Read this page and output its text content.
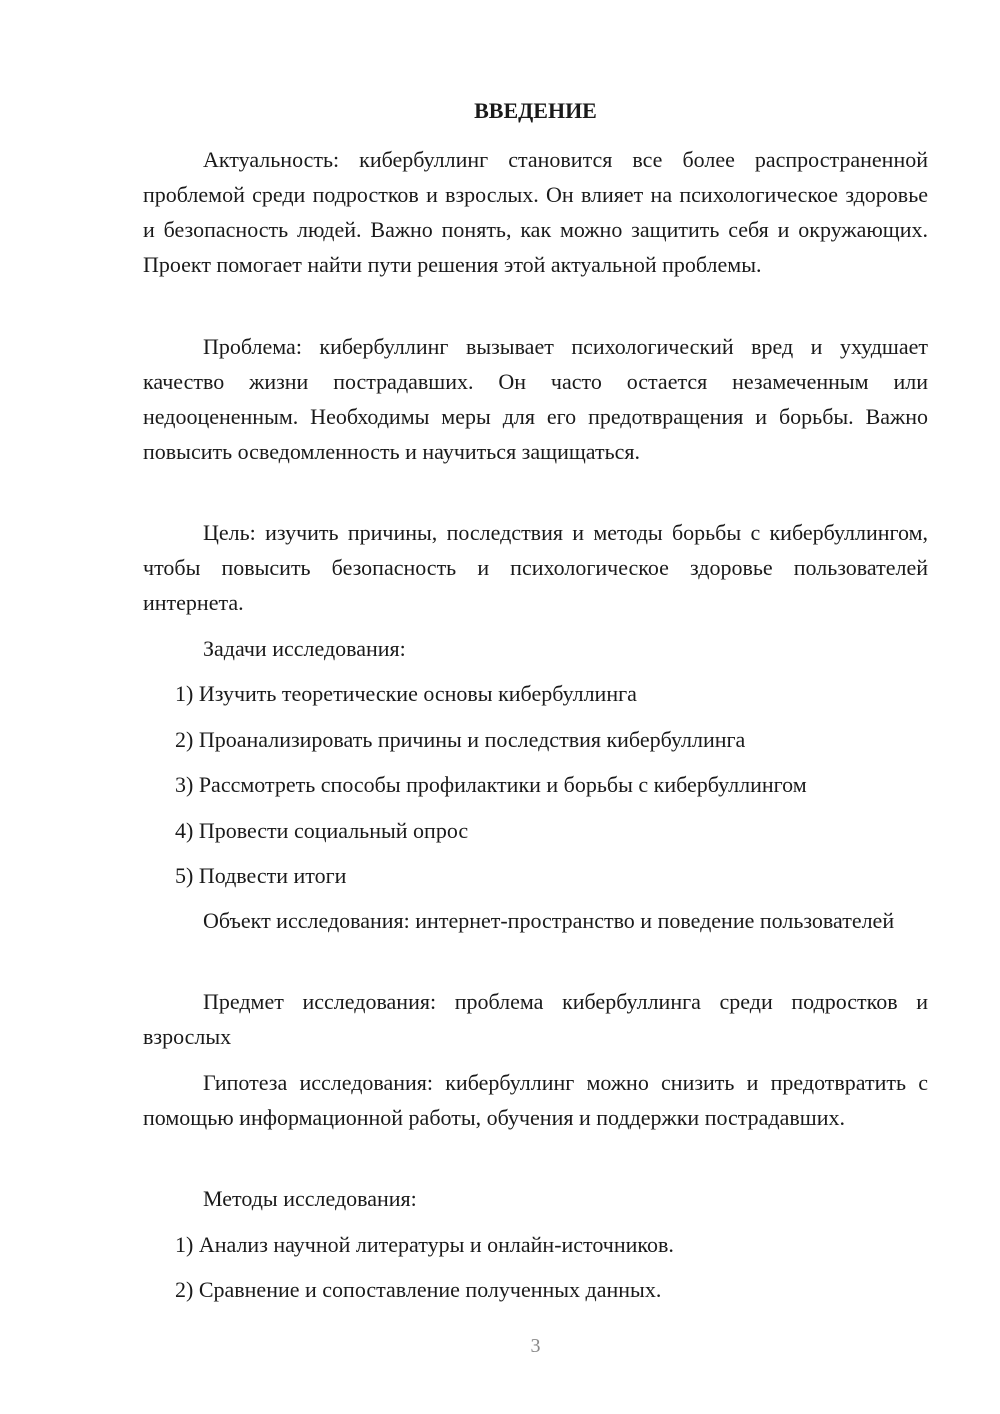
ВВЕДЕНИЕ

Актуальность: кибербуллинг становится все более распространенной проблемой среди подростков и взрослых. Он влияет на психологическое здоровье и безопасность людей. Важно понять, как можно защитить себя и окружающих. Проект помогает найти пути решения этой актуальной проблемы.

Проблема: кибербуллинг вызывает психологический вред и ухудшает качество жизни пострадавших. Он часто остается незамеченным или недооцененным. Необходимы меры для его предотвращения и борьбы. Важно повысить осведомленность и научиться защищаться.

Цель: изучить причины, последствия и методы борьбы с кибербуллингом, чтобы повысить безопасность и психологическое здоровье пользователей интернета.

Задачи исследования:

1) Изучить теоретические основы кибербуллинга

2) Проанализировать причины и последствия кибербуллинга

3) Рассмотреть способы профилактики и борьбы с кибербуллингом

4) Провести социальный опрос

5) Подвести итоги

Объект исследования: интернет-пространство и поведение пользователей

Предмет исследования: проблема кибербуллинга среди подростков и взрослых

Гипотеза исследования: кибербуллинг можно снизить и предотвратить с помощью информационной работы, обучения и поддержки пострадавших.

Методы исследования:

1) Анализ научной литературы и онлайн-источников.

2) Сравнение и сопоставление полученных данных.

3
